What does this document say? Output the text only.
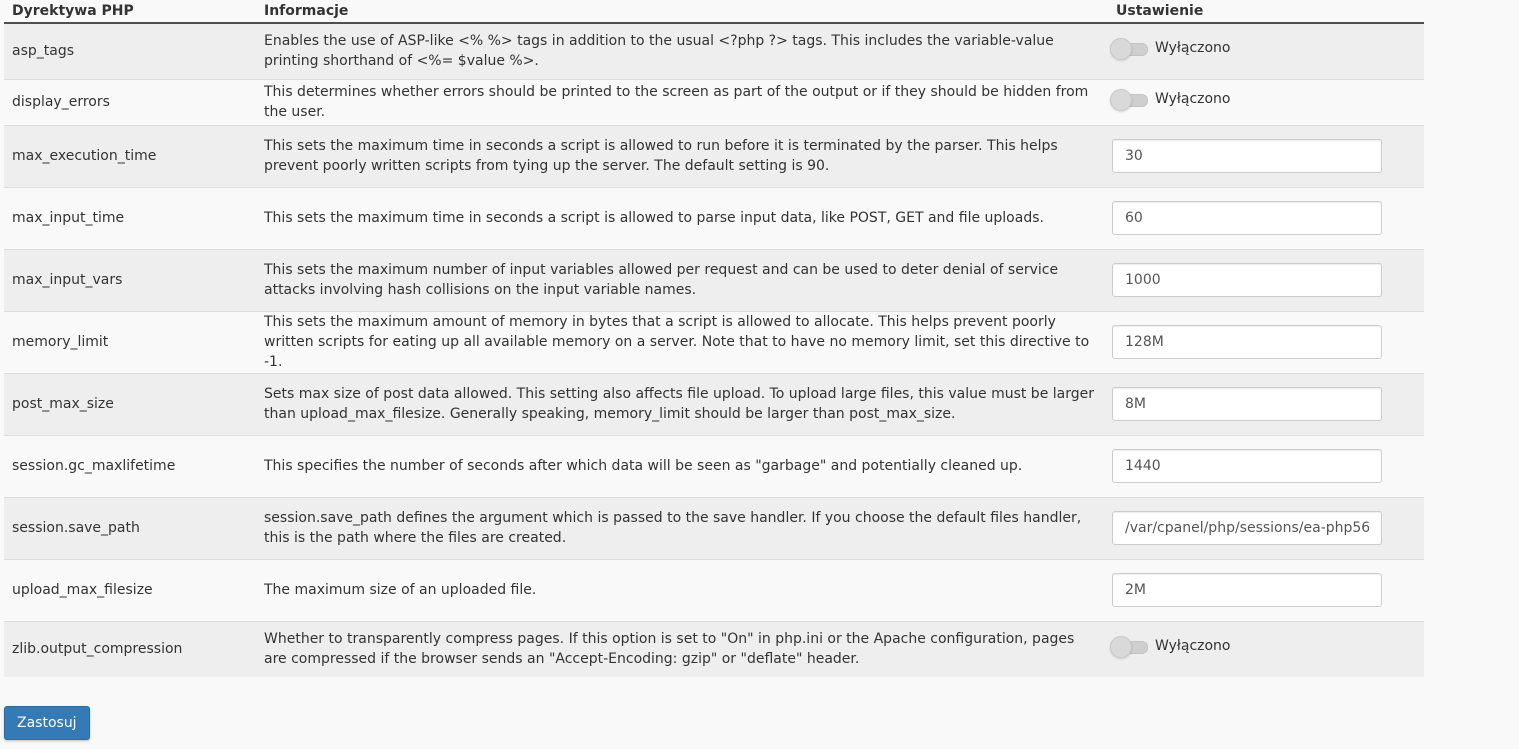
Dyrektywa PHP	Informacje	Ustawienie
asp_tags	Enables the use of ASP-like <% %> tags in addition to the usual <?php ?> tags. This includes the variable-value printing shorthand of <%= $value %>.	Wyłączono

display_errors	This determines whether errors should be printed to the screen as part of the output or if they should be hidden from the user.	Wyłączono

max_execution_time	This sets the maximum time in seconds a script is allowed to run before it is terminated by the parser. This helps prevent poorly written scripts from tying up the server. The default setting is 90.	30
max_input_time	This sets the maximum time in seconds a script is allowed to parse input data, like POST, GET and file uploads.	60
max_input_vars	This sets the maximum number of input variables allowed per request and can be used to deter denial of service attacks involving hash collisions on the input variable names.	1000
memory_limit	This sets the maximum amount of memory in bytes that a script is allowed to allocate. This helps prevent poorly written scripts for eating up all available memory on a server. Note that to have no memory limit, set this directive to -1.	128M
post_max_size	Sets max size of post data allowed. This setting also affects file upload. To upload large files, this value must be larger than upload_max_filesize. Generally speaking, memory_limit should be larger than post_max_size.	8M
session.gc_maxlifetime	This specifies the number of seconds after which data will be seen as "garbage" and potentially cleaned up.	1440
session.save_path	session.save_path defines the argument which is passed to the save handler. If you choose the default files handler, this is the path where the files are created.	/var/cpanel/php/sessions/ea-php56
upload_max_filesize	The maximum size of an uploaded file.	2M
zlib.output_compression	Whether to transparently compress pages. If this option is set to "On" in php.ini or the Apache configuration, pages are compressed if the browser sends an "Accept-Encoding: gzip" or "deflate" header.	Wyłączono
Zastosuj
